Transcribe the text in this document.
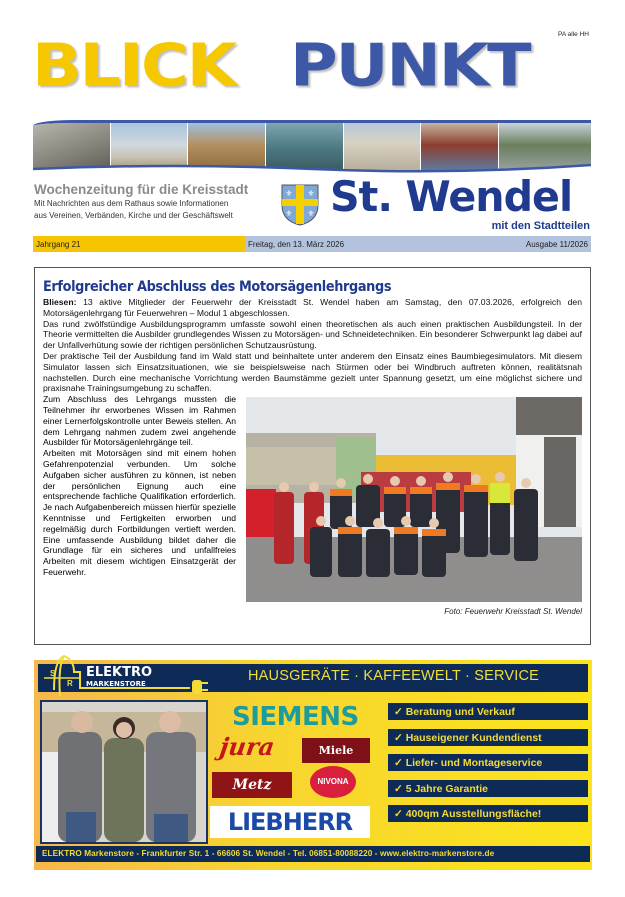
PA alle HH
BLICK PUNKT
Wochenzeitung für die Kreisstadt
Mit Nachrichten aus dem Rathaus sowie Informationen
aus Vereinen, Verbänden, Kirche und der Geschäftswelt
⚜ ⚜
⚜ ⚜ St. Wendel
mit den Stadtteilen
Jahrgang 21	Freitag, den 13. März 2026	Ausgabe 11/2026
Erfolgreicher Abschluss des Motorsägenlehrgangs

Bliesen: 13 aktive Mitglieder der Feuerwehr der Kreisstadt St. Wendel haben am Samstag, den 07.03.2026, erfolgreich den Motorsägenlehrgang für Feuerwehren – Modul 1 abgeschlossen.

Das rund zwölfstündige Ausbildungsprogramm umfasste sowohl einen theoretischen als auch einen praktischen Ausbildungsteil. In der Theorie vermittelten die Ausbilder grundlegendes Wissen zu Motorsägen- und Schneidetechniken. Ein besonderer Schwerpunkt lag dabei auf der Unfallverhütung sowie der richtigen persönlichen Schutzausrüstung.

Der praktische Teil der Ausbildung fand im Wald statt und beinhaltete unter anderem den Einsatz eines Baumbiegesimulators. Mit diesem Simulator lassen sich Einsatzsituationen, wie sie beispielsweise nach Stürmen oder bei Windbruch auftreten können, realitätsnah nachstellen. Durch eine mechanische Vorrichtung werden Baumstämme gezielt unter Spannung gesetzt, um eine möglichst sichere und praxisnahe Trainingsumgebung zu schaffen.

Zum Abschluss des Lehrgangs mussten die Teilnehmer ihr erworbenes Wissen im Rahmen einer Lernerfolgskontrolle unter Beweis stellen. An dem Lehrgang nahmen zudem zwei angehende Ausbilder für Motorsägenlehrgänge teil.

Arbeiten mit Motorsägen sind mit einem hohen Gefahrenpotenzial verbunden. Um solche Aufgaben sicher ausführen zu können, ist neben der persönlichen Eignung auch eine entsprechende fachliche Qualifikation erforderlich. Je nach Aufgabenbereich müssen hierfür spezielle Kenntnisse und Fertigkeiten erworben und regelmäßig durch Fortbildungen vertieft werden. Eine umfassende Ausbildung bildet daher die Grundlage für ein sicheres und unfallfreies Arbeiten mit diesem wichtigen Einsatzgerät der Feuerwehr.

Foto: Feuerwehr Kreisstadt St. Wendel
HAUSGERÄTE · KAFFEEWELT · SERVICE
S
R
ELEKTRO
MARKENSTORE
SIEMENS
jura	Miele
Metz	NIVONA
LIEBHERR
✓ Beratung und Verkauf
✓ Hauseigener Kundendienst
✓ Liefer- und Montageservice
✓ 5 Jahre Garantie
✓ 400qm Ausstellungsfläche!
ELEKTRO Markenstore - Frankfurter Str. 1 - 66606 St. Wendel - Tel. 06851-80088220 - www.elektro-markenstore.de
